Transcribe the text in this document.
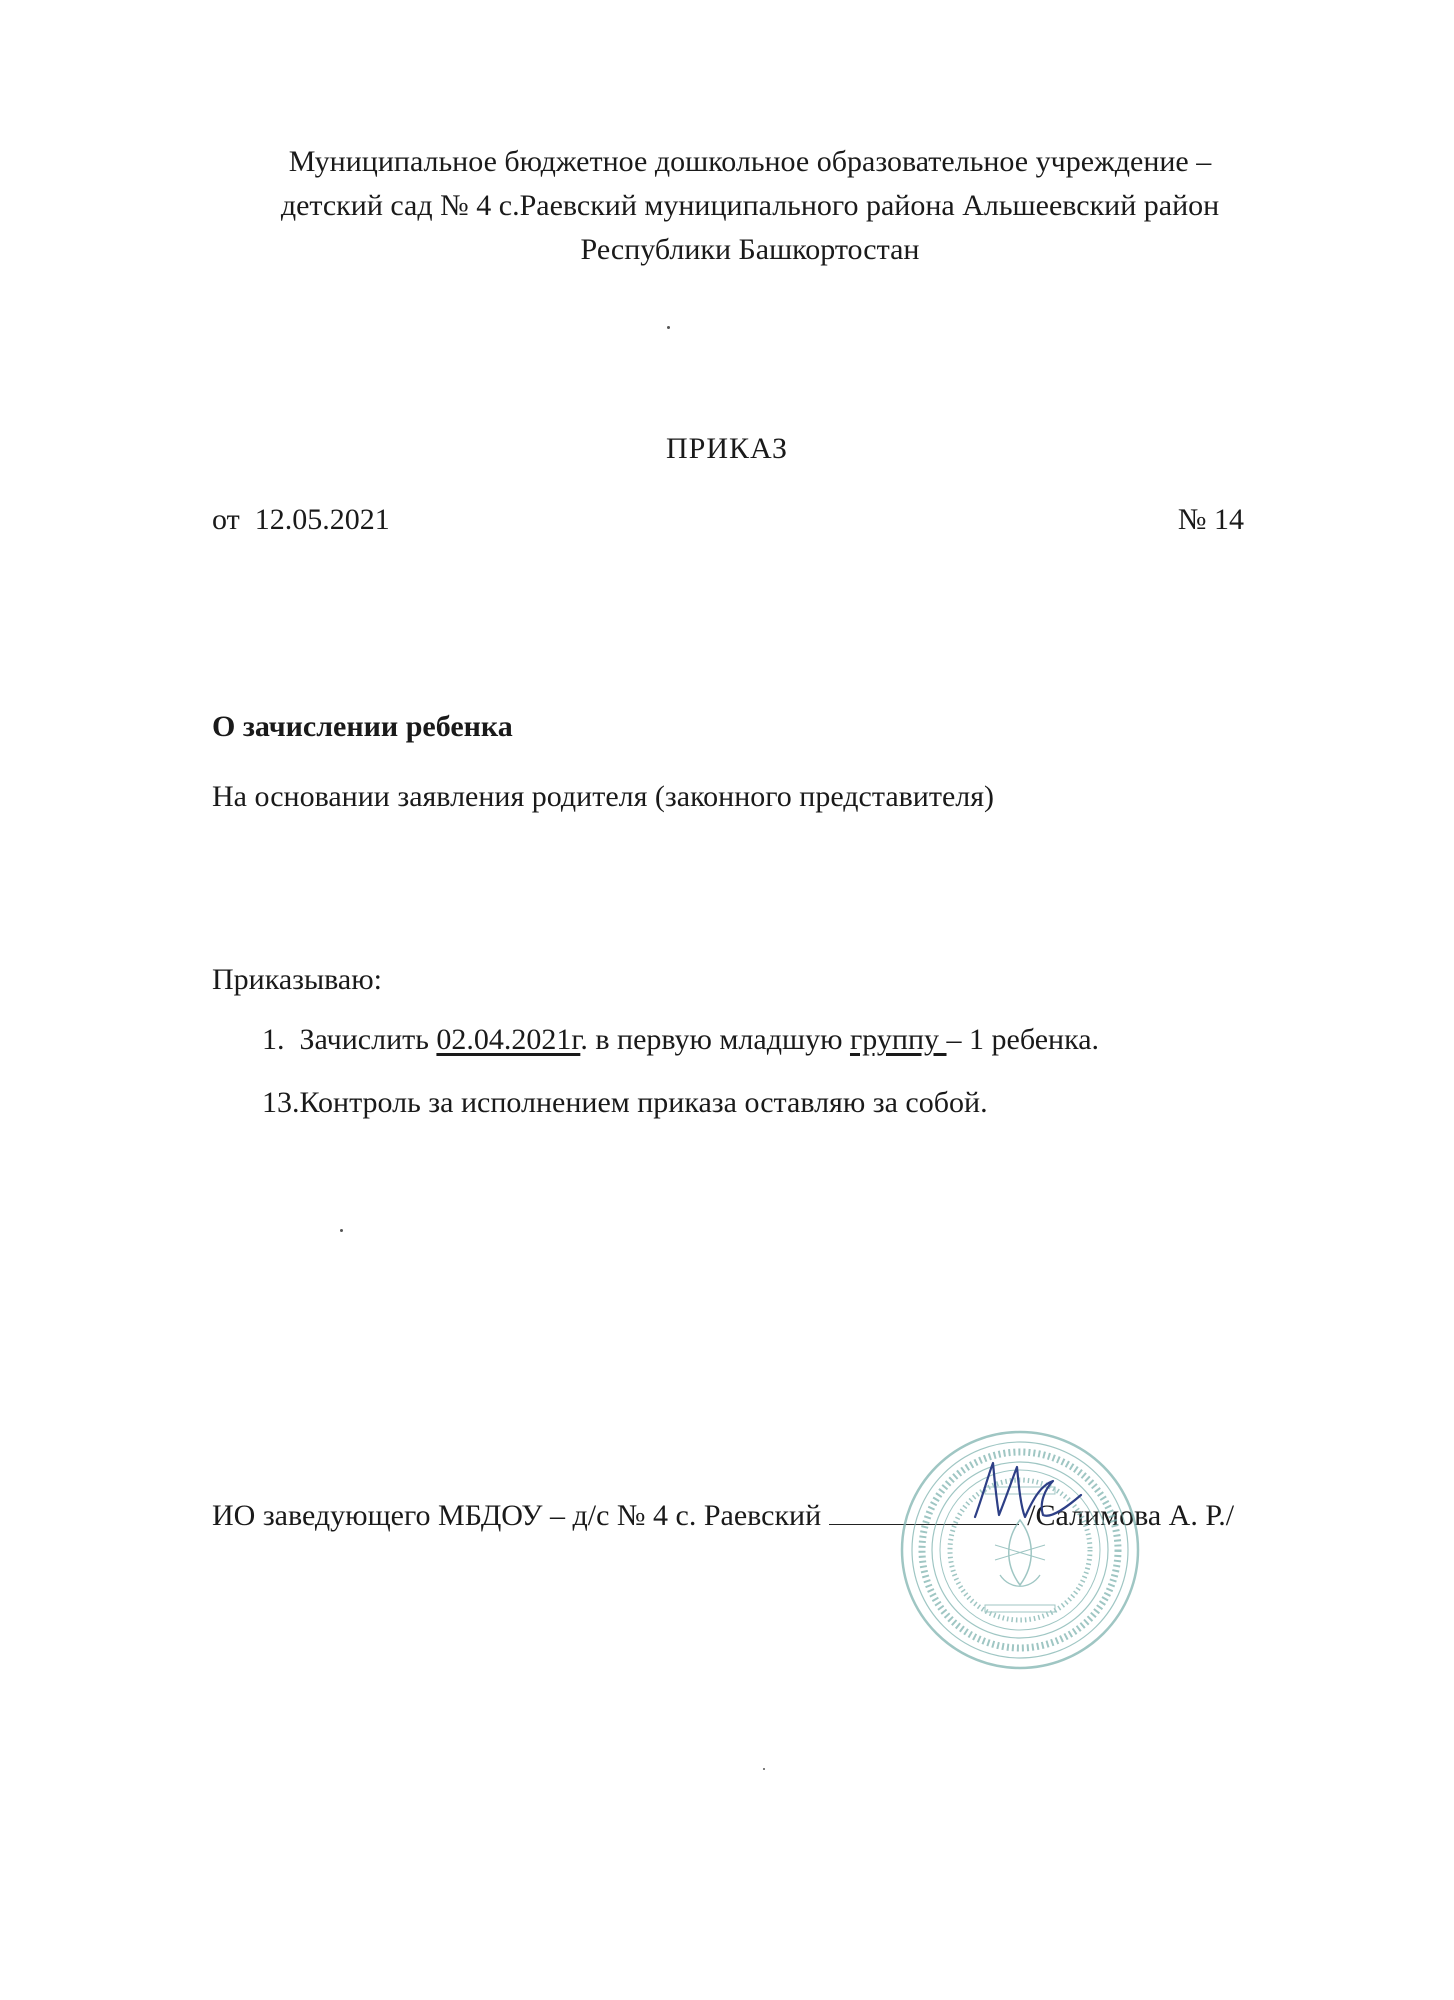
Муниципальное бюджетное дошкольное образовательное учреждение –
детский сад № 4 с.Раевский муниципального района Альшеевский район
Республики Башкортостан
ПРИКАЗ
от 12.05.2021	№ 14
О зачислении ребенка
На основании заявления родителя (законного представителя)
Приказываю:
1. Зачислить 02.04.2021г. в первую младшую группу – 1 ребенка.
13.Контроль за исполнением приказа оставляю за собой.
ИО заведующего МБДОУ – д/с № 4 с. Раевский	/Салимова А. Р./
